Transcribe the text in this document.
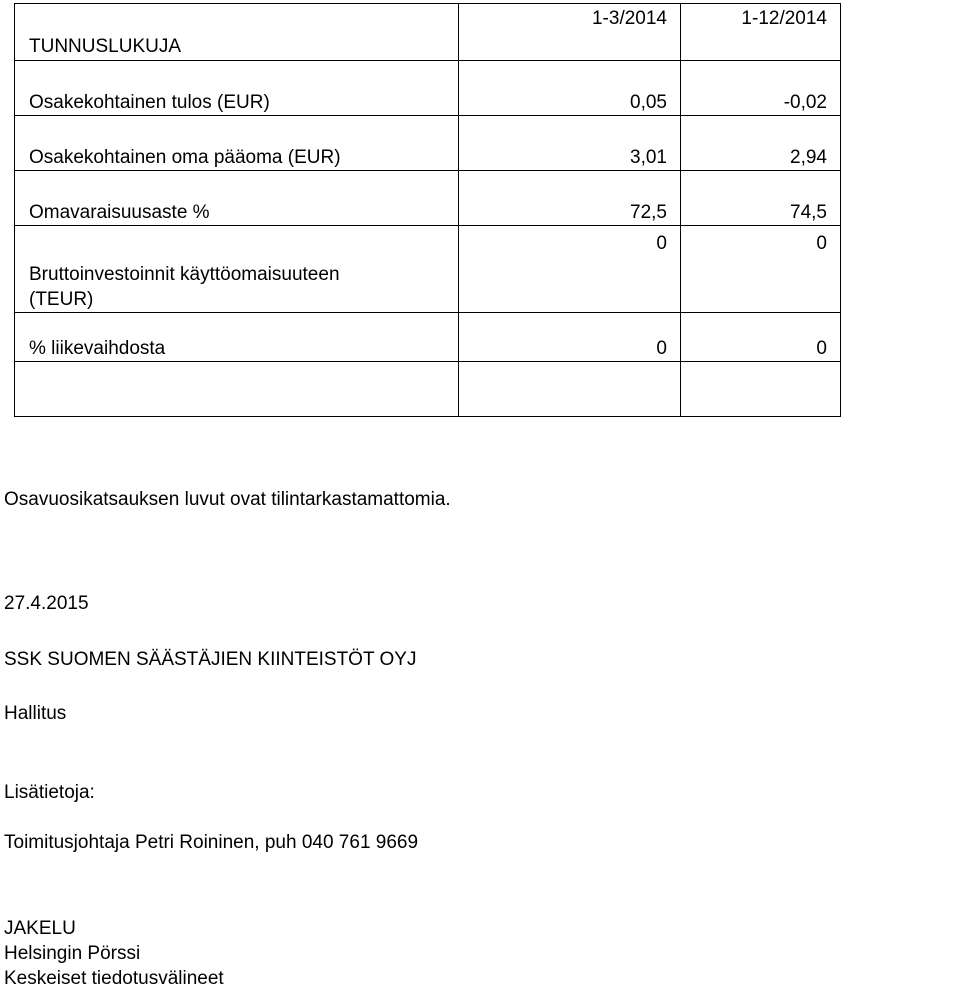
TUNNUSLUKUJA	1-3/2014	1-12/2014
Osakekohtainen tulos (EUR)	0,05	-0,02
Osakekohtainen oma pääoma (EUR)	3,01	2,94
Omavaraisuusaste %	72,5	74,5
Bruttoinvestoinnit käyttöomaisuuteen
(TEUR)	0	0
% liikevaihdosta	0	0

Osavuosikatsauksen luvut ovat tilintarkastamattomia.
27.4.2015
SSK SUOMEN SÄÄSTÄJIEN KIINTEISTÖT OYJ
Hallitus
Lisätietoja:
Toimitusjohtaja Petri Roininen, puh 040 761 9669
JAKELU
Helsingin Pörssi
Keskeiset tiedotusvälineet
